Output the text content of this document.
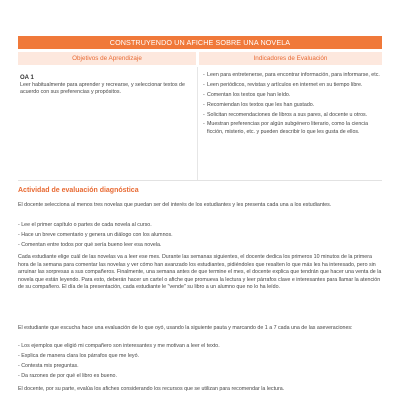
CONSTRUYENDO UN AFICHE SOBRE UNA NOVELA
Objetivos de Aprendizaje	Indicadores de Evaluación
OA 1
Leer habitualmente para aprender y recrearse, y seleccionar textos de acuerdo con sus preferencias y propósitos.
- Leen para entretenerse, para encontrar información, para informarse, etc.
- Leen periódicos, revistas y artículos en internet en su tiempo libre.
- Comentan los textos que han leído.
- Recomiendan los textos que les han gustado.
- Solicitan recomendaciones de libros a sus pares, al docente u otros.
- Muestran preferencias por algún subgénero literario, como la ciencia ficción, misterio, etc. y pueden describir lo que les gusta de ellos.
Actividad de evaluación diagnóstica

El docente selecciona al menos tres novelas que puedan ser del interés de los estudiantes y les presenta cada una a los estudiantes.

- Lee el primer capítulo o partes de cada novela al curso.
- Hace un breve comentario y genera un diálogo con los alumnos.
- Comentan entre todos por qué sería bueno leer esa novela.

Cada estudiante elige cuál de las novelas va a leer ese mes. Durante las semanas siguientes, el docente dedica los primeros 10 minutos de la primera hora de la semana para comentar las novelas y ver cómo han avanzado los estudiantes, pidiéndoles que resalten lo que más les ha interesado, pero sin arruinar las sorpresas a sus compañeros. Finalmente, una semana antes de que termine el mes, el docente explica que tendrán que hacer una venta de la novela que están leyendo. Para esto, deberán hacer un cartel o afiche que promueva la lectura y leer párrafos clave e interesantes para llamar la atención de su compañero. El día de la presentación, cada estudiante le "vende" su libro a un alumno que no lo ha leído.

El estudiante que escucha hace una evaluación de lo que oyó, usando la siguiente pauta y marcando de 1 a 7 cada una de las aseveraciones:

- Los ejemplos que eligió mi compañero son interesantes y me motivan a leer el texto.
- Explica de manera clara los párrafos que me leyó.
- Contesta mis preguntas.
- Da razones de por qué el libro es bueno.

El docente, por su parte, evalúa los afiches considerando los recursos que se utilizan para recomendar la lectura.
